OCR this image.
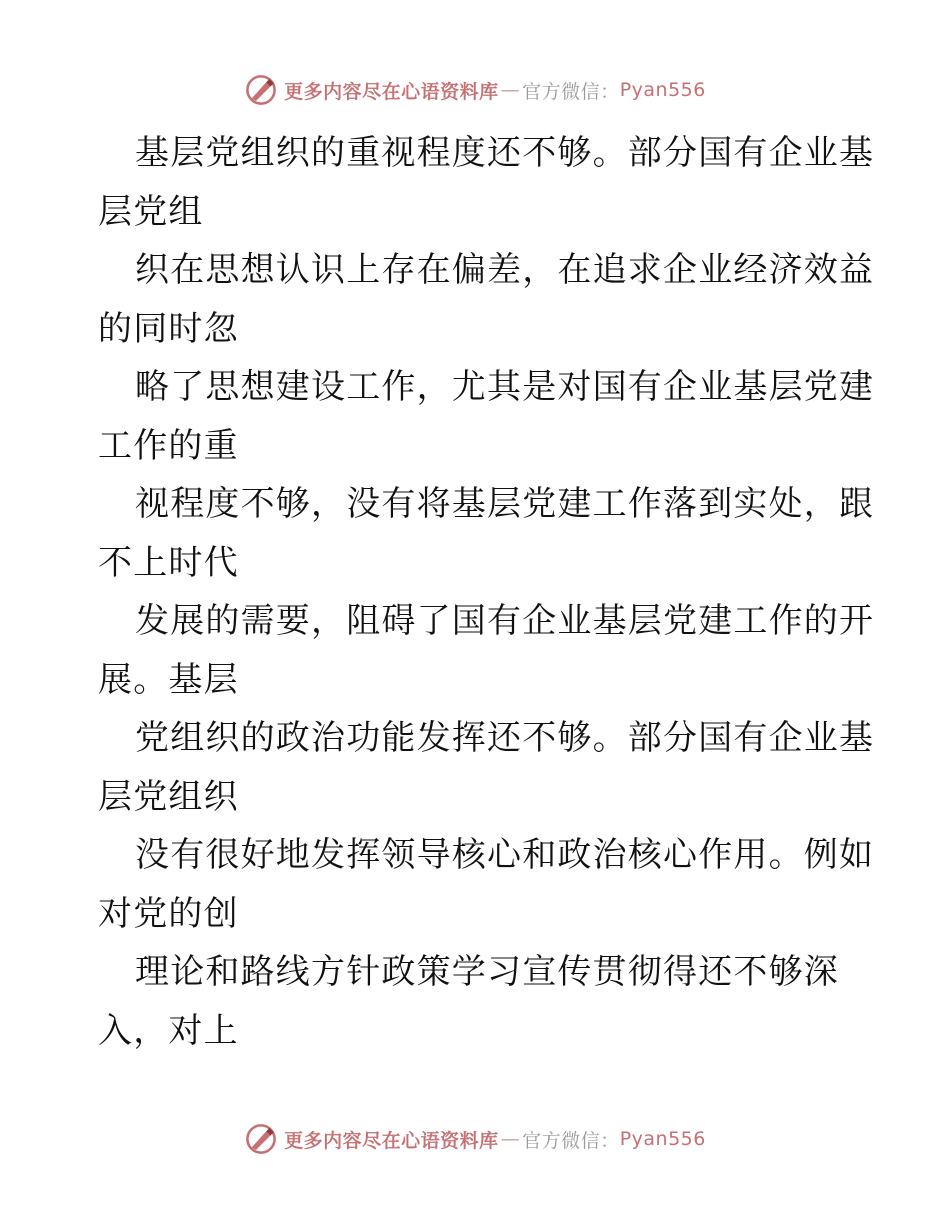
更多内容尽在心语资料库 — 官方微信： Pyan556
基层党组织的重视程度还不够。部分国有企业基
层党组
织在思想认识上存在偏差，在追求企业经济效益
的同时忽
略了思想建设工作，尤其是对国有企业基层党建
工作的重
视程度不够，没有将基层党建工作落到实处，跟
不上时代
发展的需要，阻碍了国有企业基层党建工作的开
展。基层
党组织的政治功能发挥还不够。部分国有企业基
层党组织
没有很好地发挥领导核心和政治核心作用。例如
对党的创
理论和路线方针政策学习宣传贯彻得还不够深
入，对上
更多内容尽在心语资料库 — 官方微信： Pyan556
